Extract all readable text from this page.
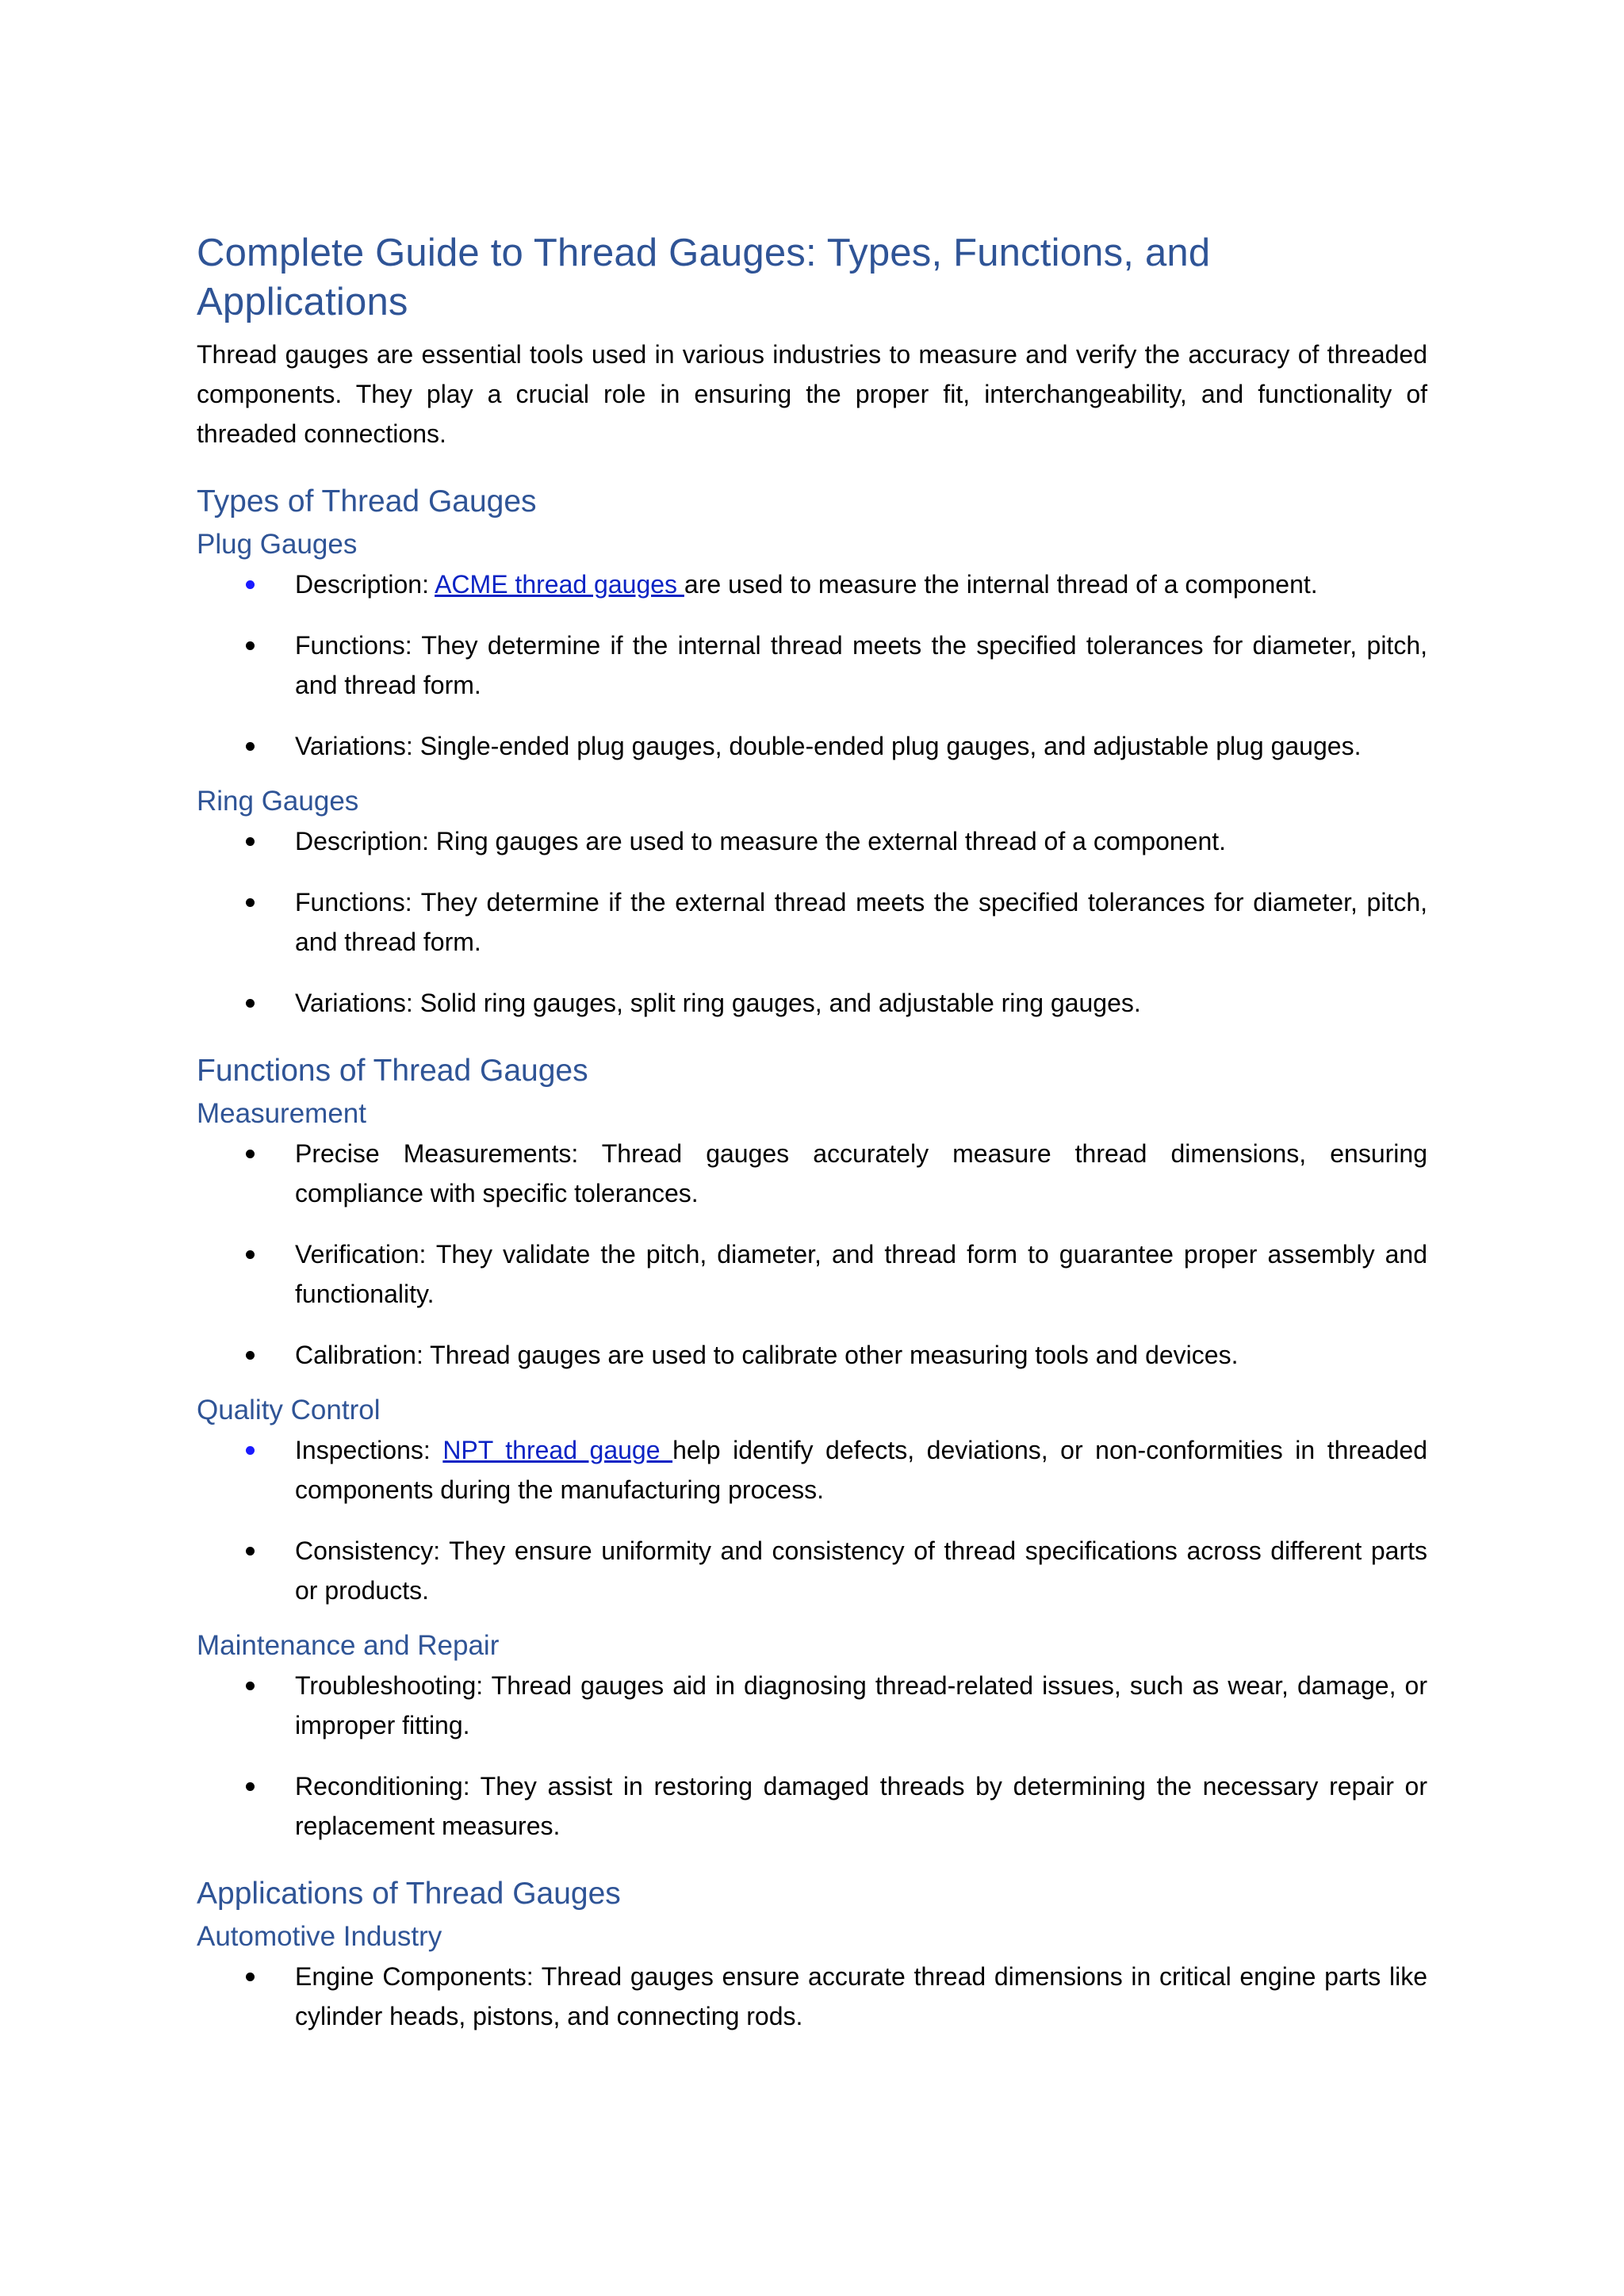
Complete Guide to Thread Gauges: Types, Functions, and Applications

Thread gauges are essential tools used in various industries to measure and verify the accuracy of threaded components. They play a crucial role in ensuring the proper fit, interchangeability, and functionality of threaded connections.

Types of Thread Gauges
Plug Gauges
Description: ACME thread gauges are used to measure the internal thread of a component.
Functions: They determine if the internal thread meets the specified tolerances for diameter, pitch, and thread form.
Variations: Single-ended plug gauges, double-ended plug gauges, and adjustable plug gauges.
Ring Gauges
Description: Ring gauges are used to measure the external thread of a component.
Functions: They determine if the external thread meets the specified tolerances for diameter, pitch, and thread form.
Variations: Solid ring gauges, split ring gauges, and adjustable ring gauges.
Functions of Thread Gauges
Measurement
Precise Measurements: Thread gauges accurately measure thread dimensions, ensuring compliance with specific tolerances.
Verification: They validate the pitch, diameter, and thread form to guarantee proper assembly and functionality.
Calibration: Thread gauges are used to calibrate other measuring tools and devices.
Quality Control
Inspections: NPT thread gauge help identify defects, deviations, or non-conformities in threaded components during the manufacturing process.
Consistency: They ensure uniformity and consistency of thread specifications across different parts or products.
Maintenance and Repair
Troubleshooting: Thread gauges aid in diagnosing thread-related issues, such as wear, damage, or improper fitting.
Reconditioning: They assist in restoring damaged threads by determining the necessary repair or replacement measures.
Applications of Thread Gauges
Automotive Industry
Engine Components: Thread gauges ensure accurate thread dimensions in critical engine parts like cylinder heads, pistons, and connecting rods.
